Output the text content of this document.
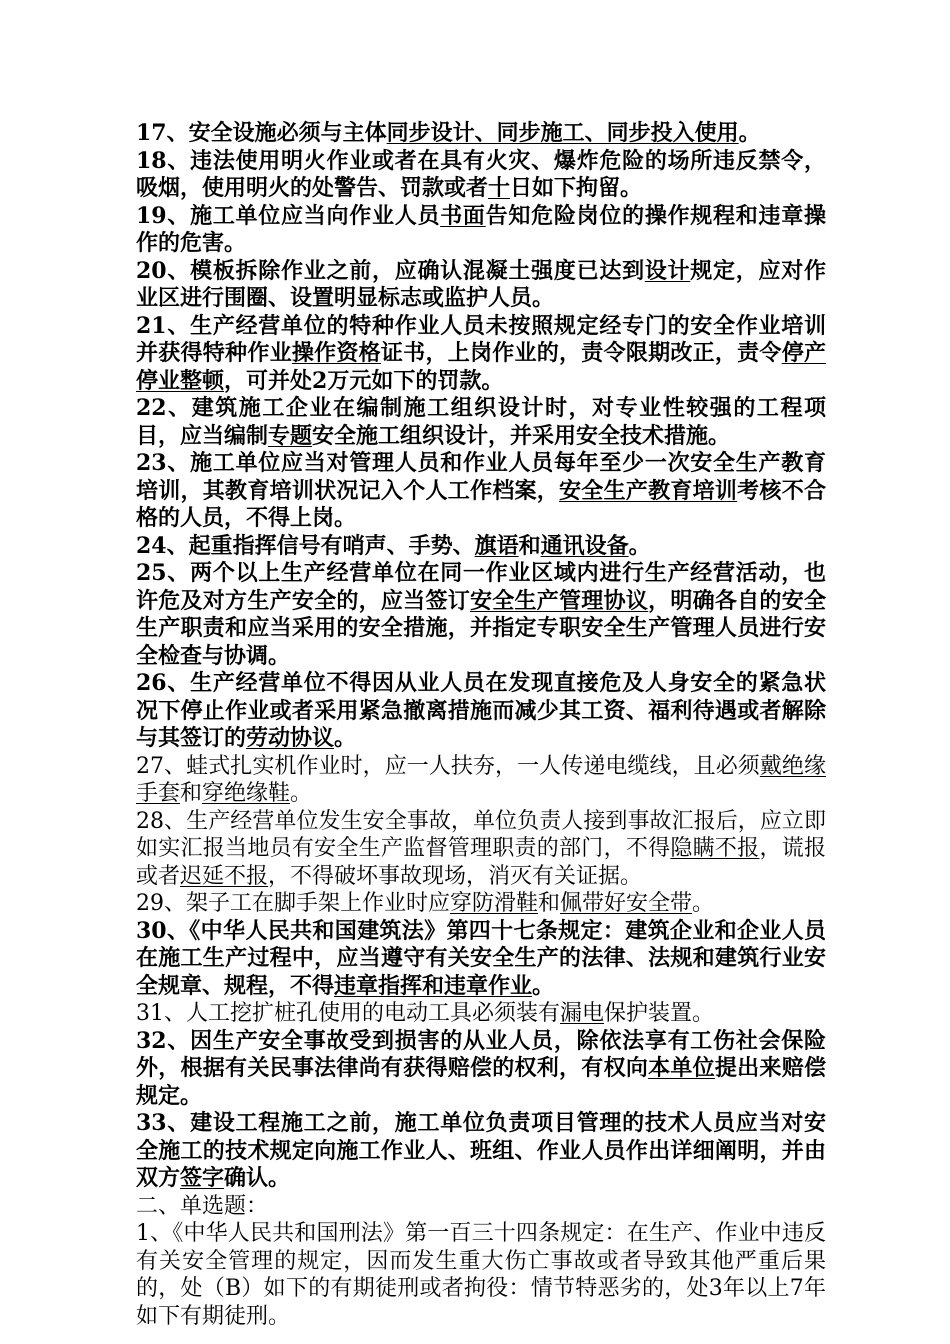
17、安全设施必须与主体同步设计、同步施工、同步投入使用。

18、违法使用明火作业或者在具有火灾、爆炸危险的场所违反禁令，吸烟，使用明火的处警告、罚款或者十日如下拘留。

19、施工单位应当向作业人员书面告知危险岗位的操作规程和违章操作的危害。

20、模板拆除作业之前，应确认混凝土强度已达到设计规定，应对作业区进行围圈、设置明显标志或监护人员。

21、生产经营单位的特种作业人员未按照规定经专门的安全作业培训并获得特种作业操作资格证书，上岗作业的，责令限期改正，责令停产停业整顿，可并处2万元如下的罚款。

22、建筑施工企业在编制施工组织设计时，对专业性较强的工程项目，应当编制专题安全施工组织设计，并采用安全技术措施。

23、施工单位应当对管理人员和作业人员每年至少一次安全生产教育培训，其教育培训状况记入个人工作档案，安全生产教育培训考核不合格的人员，不得上岗。

24、起重指挥信号有哨声、手势、旗语和通讯设备。

25、两个以上生产经营单位在同一作业区域内进行生产经营活动，也许危及对方生产安全的，应当签订安全生产管理协议，明确各自的安全生产职责和应当采用的安全措施，并指定专职安全生产管理人员进行安全检查与协调。

26、生产经营单位不得因从业人员在发现直接危及人身安全的紧急状况下停止作业或者采用紧急撤离措施而减少其工资、福利待遇或者解除与其签订的劳动协议。

27、蛙式扎实机作业时，应一人扶夯，一人传递电缆线，且必须戴绝缘手套和穿绝缘鞋。

28、生产经营单位发生安全事故，单位负责人接到事故汇报后，应立即如实汇报当地员有安全生产监督管理职责的部门，不得隐瞒不报，谎报或者迟延不报，不得破坏事故现场，消灭有关证据。

29、架子工在脚手架上作业时应穿防滑鞋和佩带好安全带。

30、《中华人民共和国建筑法》第四十七条规定：建筑企业和企业人员在施工生产过程中，应当遵守有关安全生产的法律、法规和建筑行业安全规章、规程，不得违章指挥和违章作业。

31、人工挖扩桩孔使用的电动工具必须装有漏电保护装置。

32、因生产安全事故受到损害的从业人员，除依法享有工伤社会保险外，根据有关民事法律尚有获得赔偿的权利，有权向本单位提出来赔偿规定。

33、建设工程施工之前，施工单位负责项目管理的技术人员应当对安全施工的技术规定向施工作业人、班组、作业人员作出详细阐明，并由双方签字确认。

二、单选题：

1、《中华人民共和国刑法》第一百三十四条规定：在生产、作业中违反有关安全管理的规定，因而发生重大伤亡事故或者导致其他严重后果的，处（B）如下的有期徒刑或者拘役：情节特恶劣的，处3年以上7年如下有期徒刑。
